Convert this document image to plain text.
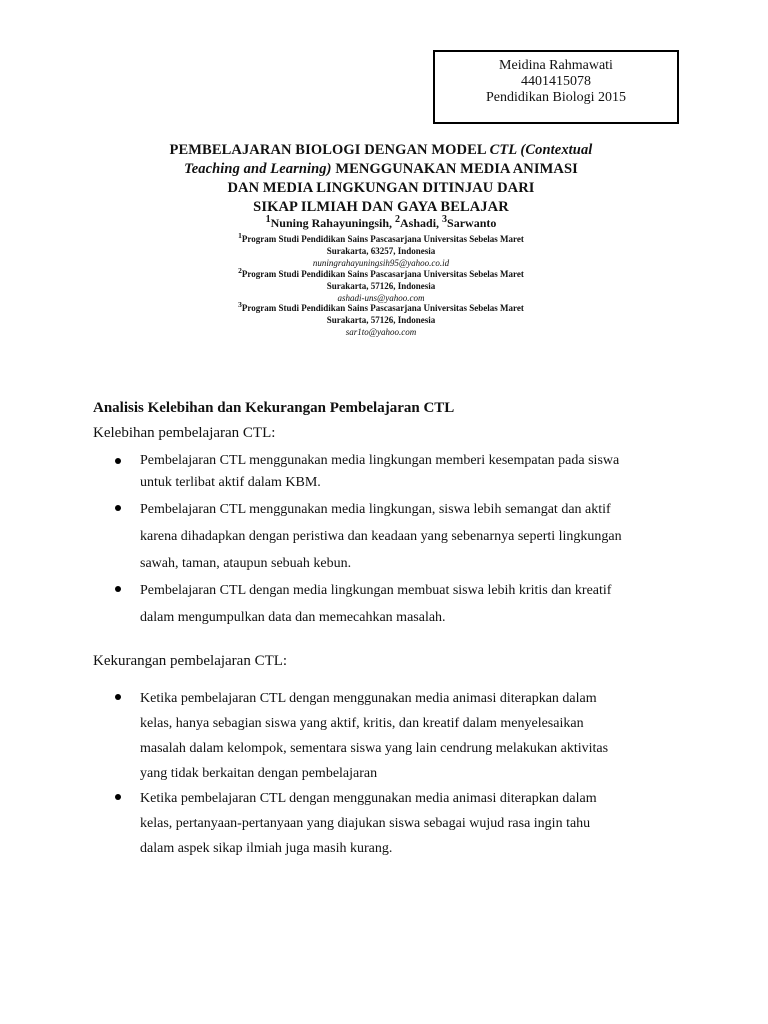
Meidina Rahmawati
4401415078
Pendidikan Biologi 2015
PEMBELAJARAN BIOLOGI DENGAN MODEL CTL (Contextual
Teaching and Learning) MENGGUNAKAN MEDIA ANIMASI
DAN MEDIA LINGKUNGAN DITINJAU DARI
SIKAP ILMIAH DAN GAYA BELAJAR
$^1$Nuning Rahayuningsih, $^2$Ashadi, $^3$Sarwanto
$^1$Program Studi Pendidikan Sains Pascasarjana Universitas Sebelas Maret
Surakarta, 63257, Indonesia
nuningrahayuningsih95@yahoo.co.id
$^2$Program Studi Pendidikan Sains Pascasarjana Universitas Sebelas Maret
Surakarta, 57126, Indonesia
ashadi-uns@yahoo.com
$^3$Program Studi Pendidikan Sains Pascasarjana Universitas Sebelas Maret
Surakarta, 57126, Indonesia
sar1to@yahoo.com
Analisis Kelebihan dan Kekurangan Pembelajaran CTL
Kelebihan pembelajaran CTL:
Pembelajaran CTL menggunakan media lingkungan memberi kesempatan pada siswa
untuk terlibat aktif dalam KBM.
Pembelajaran CTL menggunakan media lingkungan, siswa lebih semangat dan aktif
karena dihadapkan dengan peristiwa dan keadaan yang sebenarnya seperti lingkungan
sawah, taman, ataupun sebuah kebun.
Pembelajaran CTL dengan media lingkungan membuat siswa lebih kritis dan kreatif
dalam mengumpulkan data dan memecahkan masalah.
Kekurangan pembelajaran CTL:
Ketika pembelajaran CTL dengan menggunakan media animasi diterapkan dalam
kelas, hanya sebagian siswa yang aktif, kritis, dan kreatif dalam menyelesaikan
masalah dalam kelompok, sementara siswa yang lain cendrung melakukan aktivitas
yang tidak berkaitan dengan pembelajaran
Ketika pembelajaran CTL dengan menggunakan media animasi diterapkan dalam
kelas, pertanyaan-pertanyaan yang diajukan siswa sebagai wujud rasa ingin tahu
dalam aspek sikap ilmiah juga masih kurang.
